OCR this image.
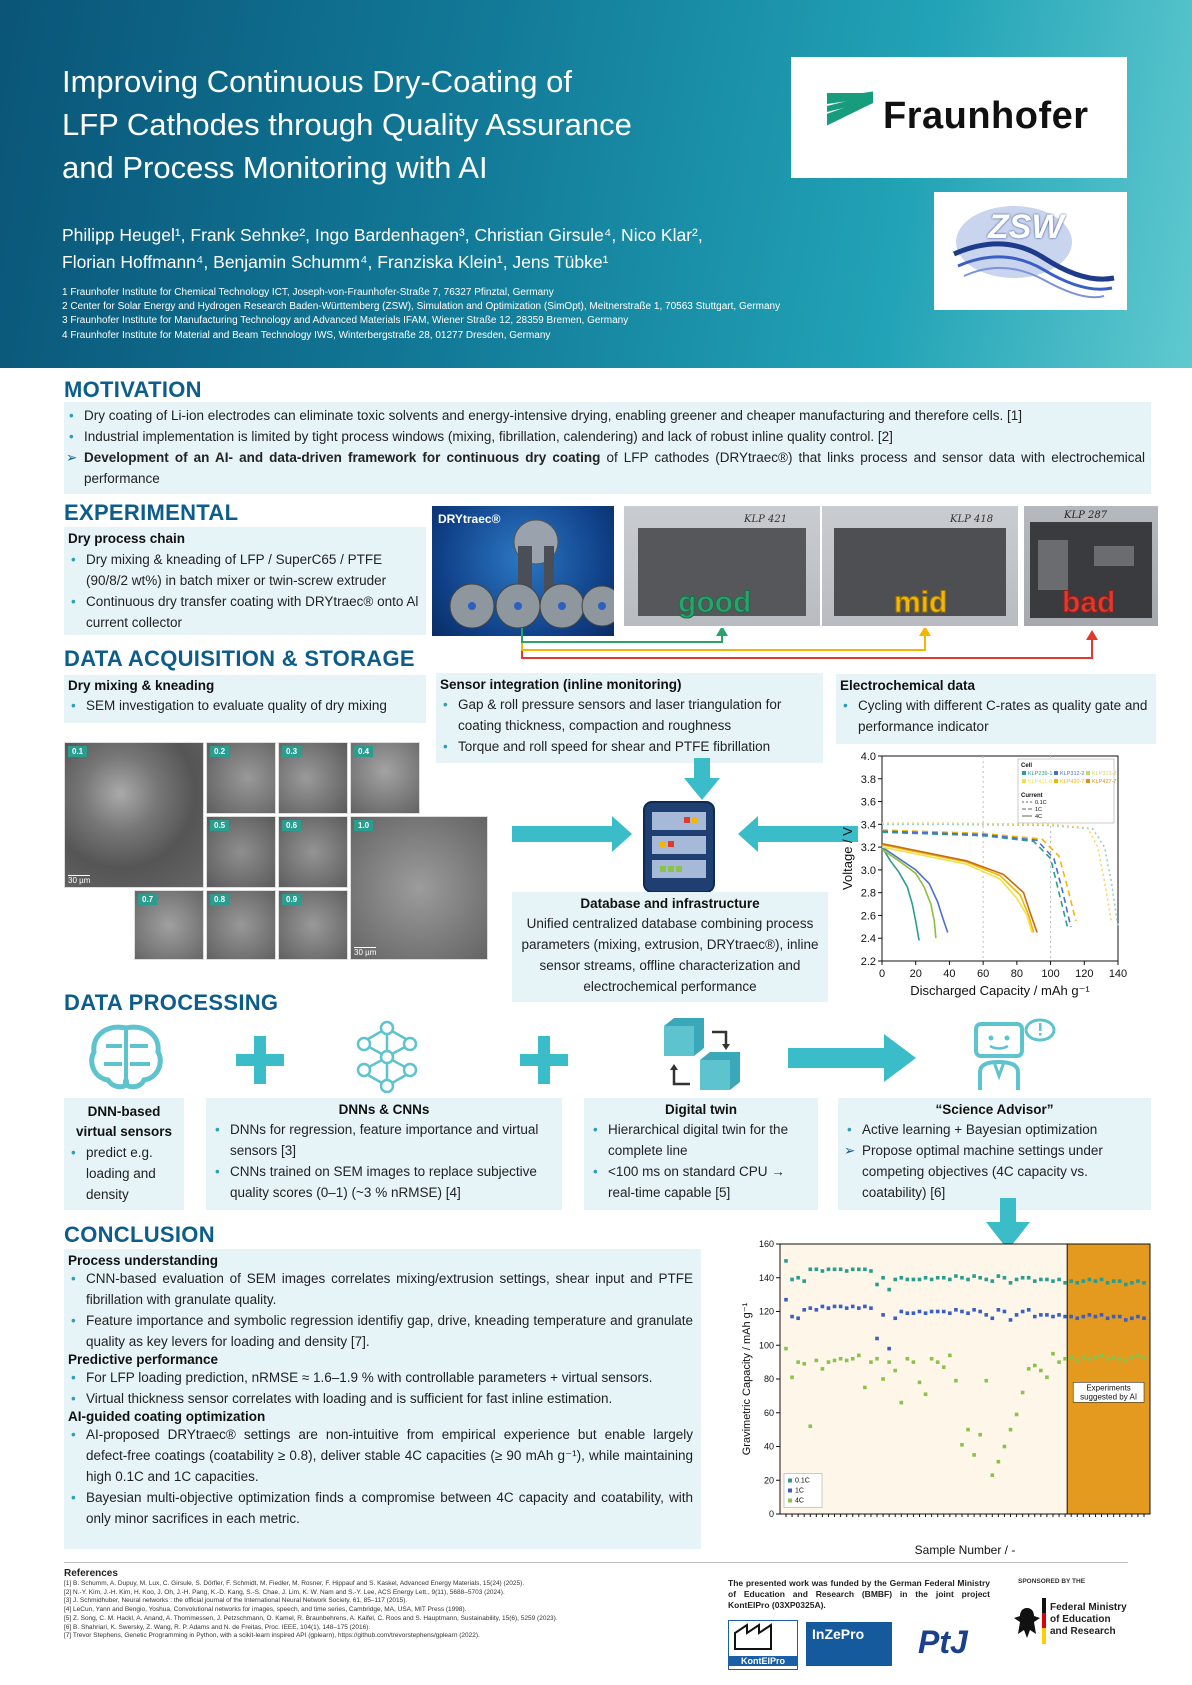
Improving Continuous Dry-Coating of
LFP Cathodes through Quality Assurance
and Process Monitoring with AI
Philipp Heugel¹, Frank Sehnke², Ingo Bardenhagen³, Christian Girsule⁴, Nico Klar²,
Florian Hoffmann⁴, Benjamin Schumm⁴, Franziska Klein¹, Jens Tübke¹
1 Fraunhofer Institute for Chemical Technology ICT, Joseph-von-Fraunhofer-Straße 7, 76327 Pfinztal, Germany
2 Center for Solar Energy and Hydrogen Research Baden-Württemberg (ZSW), Simulation and Optimization (SimOpt), Meitnerstraße 1, 70563 Stuttgart, Germany
3 Fraunhofer Institute for Manufacturing Technology and Advanced Materials IFAM, Wiener Straße 12, 28359 Bremen, Germany
4 Fraunhofer Institute for Material and Beam Technology IWS, Winterbergstraße 28, 01277 Dresden, Germany
Fraunhofer
ZSW
MOTIVATION
• Dry coating of Li-ion electrodes can eliminate toxic solvents and energy-intensive drying, enabling greener and cheaper manufacturing and therefore cells. [1]
• Industrial implementation is limited by tight process windows (mixing, fibrillation, calendering) and lack of robust inline quality control. [2]
➢ Development of an AI- and data-driven framework for continuous dry coating of LFP cathodes (DRYtraec®) that links process and sensor data with electrochemical performance
EXPERIMENTAL
Dry process chain
• Dry mixing & kneading of LFP / SuperC65 / PTFE (90/8/2 wt%) in batch mixer or twin-screw extruder
• Continuous dry transfer coating with DRYtraec® onto Al current collector
DRYtraec®	KLP 421
good
KLP 418
mid
KLP 287
bad
DATA ACQUISITION & STORAGE
Dry mixing & kneading
• SEM investigation to evaluate quality of dry mixing
Sensor integration (inline monitoring)
• Gap & roll pressure sensors and laser triangulation for coating thickness, compaction and roughness
• Torque and roll speed for shear and PTFE fibrillation
Electrochemical data
• Cycling with different C-rates as quality gate and performance indicator
0.1
30 µm
0.2	0.3	0.4
0.5	0.6	1.0
30 µm
0.7	0.8	0.9	Database and infrastructure
Unified centralized database combining process parameters (mixing, extrusion, DRYtraec®), inline sensor streams, offline characterization and electrochemical performance
0 20 40 60 80 100 120 140
2.2
2.4
2.6
2.8
3.0
3.2
3.4
3.6
3.8
4.0
Discharged Capacity / mAh g⁻¹
Voltage / V
Cell
KLP239-1 KLP312-2 KLP313-2
KLP411-8 KLP420-7 KLP427-7
Current
0.1C
1C
4C
DATA PROCESSING
DNN-based virtual sensors
• predict e.g. loading and density
DNNs & CNNs
• DNNs for regression, feature importance and virtual sensors [3]
• CNNs trained on SEM images to replace subjective quality scores (0–1) (~3 % nRMSE) [4]
Digital twin
• Hierarchical digital twin for the complete line
• <100 ms on standard CPU → real-time capable [5]
“Science Advisor”
• Active learning + Bayesian optimization
➢ Propose optimal machine settings under competing objectives (4C capacity vs. coatability) [6]
CONCLUSION
Process understanding
• CNN-based evaluation of SEM images correlates mixing/extrusion settings, shear input and PTFE fibrillation with granulate quality.
• Feature importance and symbolic regression identifiy gap, drive, kneading temperature and granulate quality as key levers for loading and density [7].
Predictive performance
• For LFP loading prediction, nRMSE ≈ 1.6–1.9 % with controllable parameters + virtual sensors.
• Virtual thickness sensor correlates with loading and is sufficient for fast inline estimation.
AI-guided coating optimization
• AI-proposed DRYtraec® settings are non-intuitive from empirical experience but enable largely defect-free coatings (coatability ≥ 0.8), deliver stable 4C capacities (≥ 90 mAh g⁻¹), while maintaining high 0.1C and 1C capacities.
• Bayesian multi-objective optimization finds a compromise between 4C capacity and coatability, with only minor sacrifices in each metric.	0
20
40
60
80
100
120
140
160
Experiments
suggested by AI
0.1C
1C
4C
Sample Number / -
Gravimetric Capacity / mAh g⁻¹
References
[1] B. Schumm, A. Dupuy, M. Lux, C. Girsule, S. Dörfler, F. Schmidt, M. Fiedler, M. Rosner, F. Hippauf and S. Kaskel, Advanced Energy Materials, 15(24) (2025).
[2] N.-Y. Kim, J.-H. Kim, H. Koo, J. Oh, J.-H. Pang, K.-D. Kang, S.-S. Chae, J. Lim, K. W. Nam and S.-Y. Lee, ACS Energy Lett., 9(11), 5688–5703 (2024).
[3] J. Schmidhuber, Neural networks : the official journal of the International Neural Network Society, 61, 85–117 (2015).
[4] LeCun, Yann and Bengio, Yoshua, Convolutional networks for images, speech, and time series, Cambridge, MA, USA, MIT Press (1998).
[5] Z. Song, C. M. Hackl, A. Anand, A. Thommessen, J. Petzschmann, O. Kamel, R. Braunbehrens, A. Kaifel, C. Roos and S. Hauptmann, Sustainability, 15(6), 5259 (2023).
[6] B. Shahriari, K. Swersky, Z. Wang, R. P. Adams and N. de Freitas, Proc. IEEE, 104(1), 148–175 (2016).
[7] Trevor Stephens, Genetic Programming in Python, with a scikit-learn inspired API (gplearn), https://github.com/trevorstephens/gplearn (2022).
The presented work was funded by the German Federal Ministry of Education and Research (BMBF) in the joint project KontElPro (03XP0325A).
KontElPro
InZePro	PtJ
SPONSORED BY THE
Federal Ministry of Education and Research
